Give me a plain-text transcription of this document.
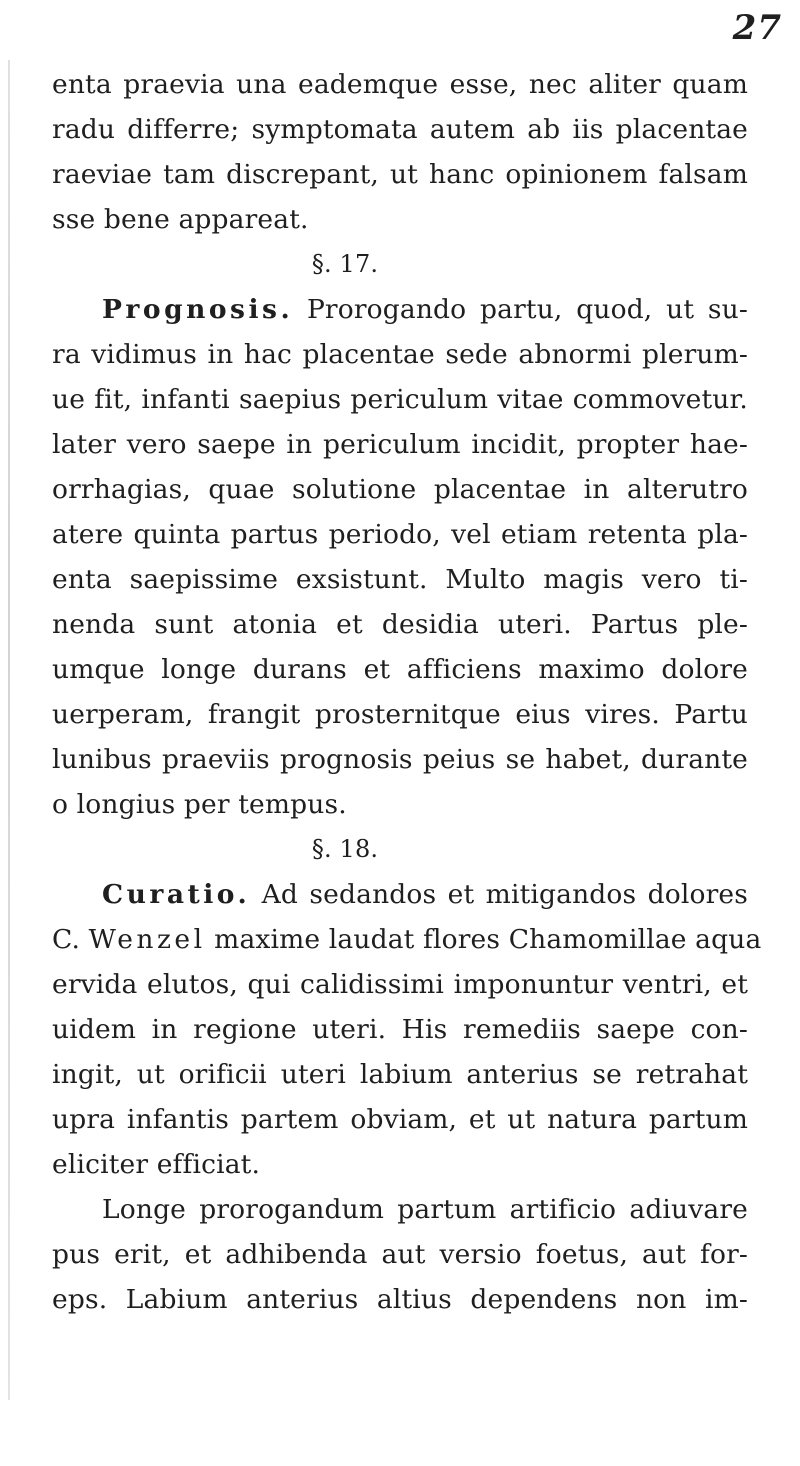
27
enta praevia una eademque esse, nec aliter quam
radu differre; symptomata autem ab iis placentae
raeviae tam discrepant, ut hanc opinionem falsam
sse bene appareat.
§. 17.
Prognosis. Prorogando partu, quod, ut su-
ra vidimus in hac placentae sede abnormi plerum-
ue fit, infanti saepius periculum vitae commovetur.
later vero saepe in periculum incidit, propter hae-
orrhagias, quae solutione placentae in alterutro
atere quinta partus periodo, vel etiam retenta pla-
enta saepissime exsistunt. Multo magis vero ti-
nenda sunt atonia et desidia uteri. Partus ple-
umque longe durans et afficiens maximo dolore
uerperam, frangit prosternitque eius vires. Partu
lunibus praeviis prognosis peius se habet, durante
o longius per tempus.
§. 18.
Curatio. Ad sedandos et mitigandos dolores
C. Wenzel maxime laudat flores Chamomillae aqua
ervida elutos, qui calidissimi imponuntur ventri, et
uidem in regione uteri. His remediis saepe con-
ingit, ut orificii uteri labium anterius se retrahat
upra infantis partem obviam, et ut natura partum
eliciter efficiat.
Longe prorogandum partum artificio adiuvare
pus erit, et adhibenda aut versio foetus, aut for-
eps. Labium anterius altius dependens non im-
